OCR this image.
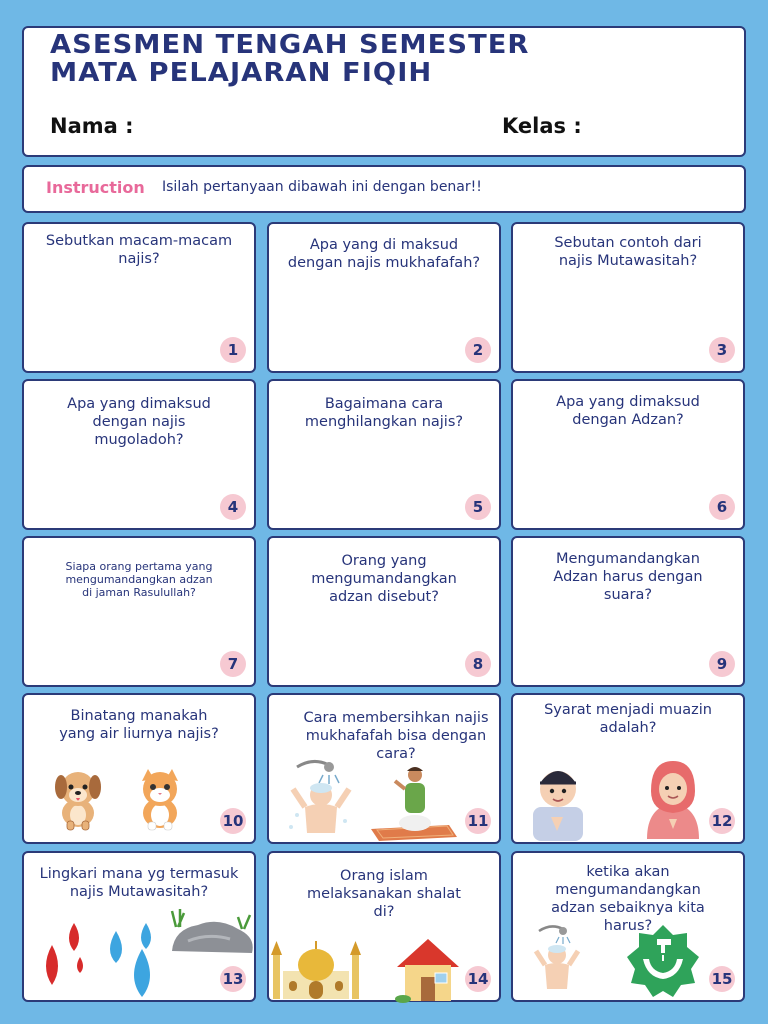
ASESMEN TENGAH SEMESTER
MATA PELAJARAN FIQIH
Nama :	Kelas :
Instruction Isilah pertanyaan dibawah ini dengan benar!!
Sebutkan macam-macam
najis?
1
Apa yang di maksud
dengan najis mukhafafah?
2
Sebutan contoh dari
najis Mutawasitah?
3
Apa yang dimaksud
dengan najis
mugoladoh?
4
Bagaimana cara
menghilangkan najis?
5
Apa yang dimaksud
dengan Adzan?
6
Siapa orang pertama yang
mengumandangkan adzan
di jaman Rasulullah?
7
Orang yang
mengumandangkan
adzan disebut?
8
Mengumandangkan
Adzan harus dengan
suara?
9
Binatang manakah
yang air liurnya najis?
10
Cara membersihkan najis
mukhafafah bisa dengan
cara?
11
Syarat menjadi muazin
adalah?
12
Lingkari mana yg termasuk
najis Mutawasitah?
13
Orang islam
melaksanakan shalat
di?
14
ketika akan
mengumandangkan
adzan sebaiknya kita
harus?
15
